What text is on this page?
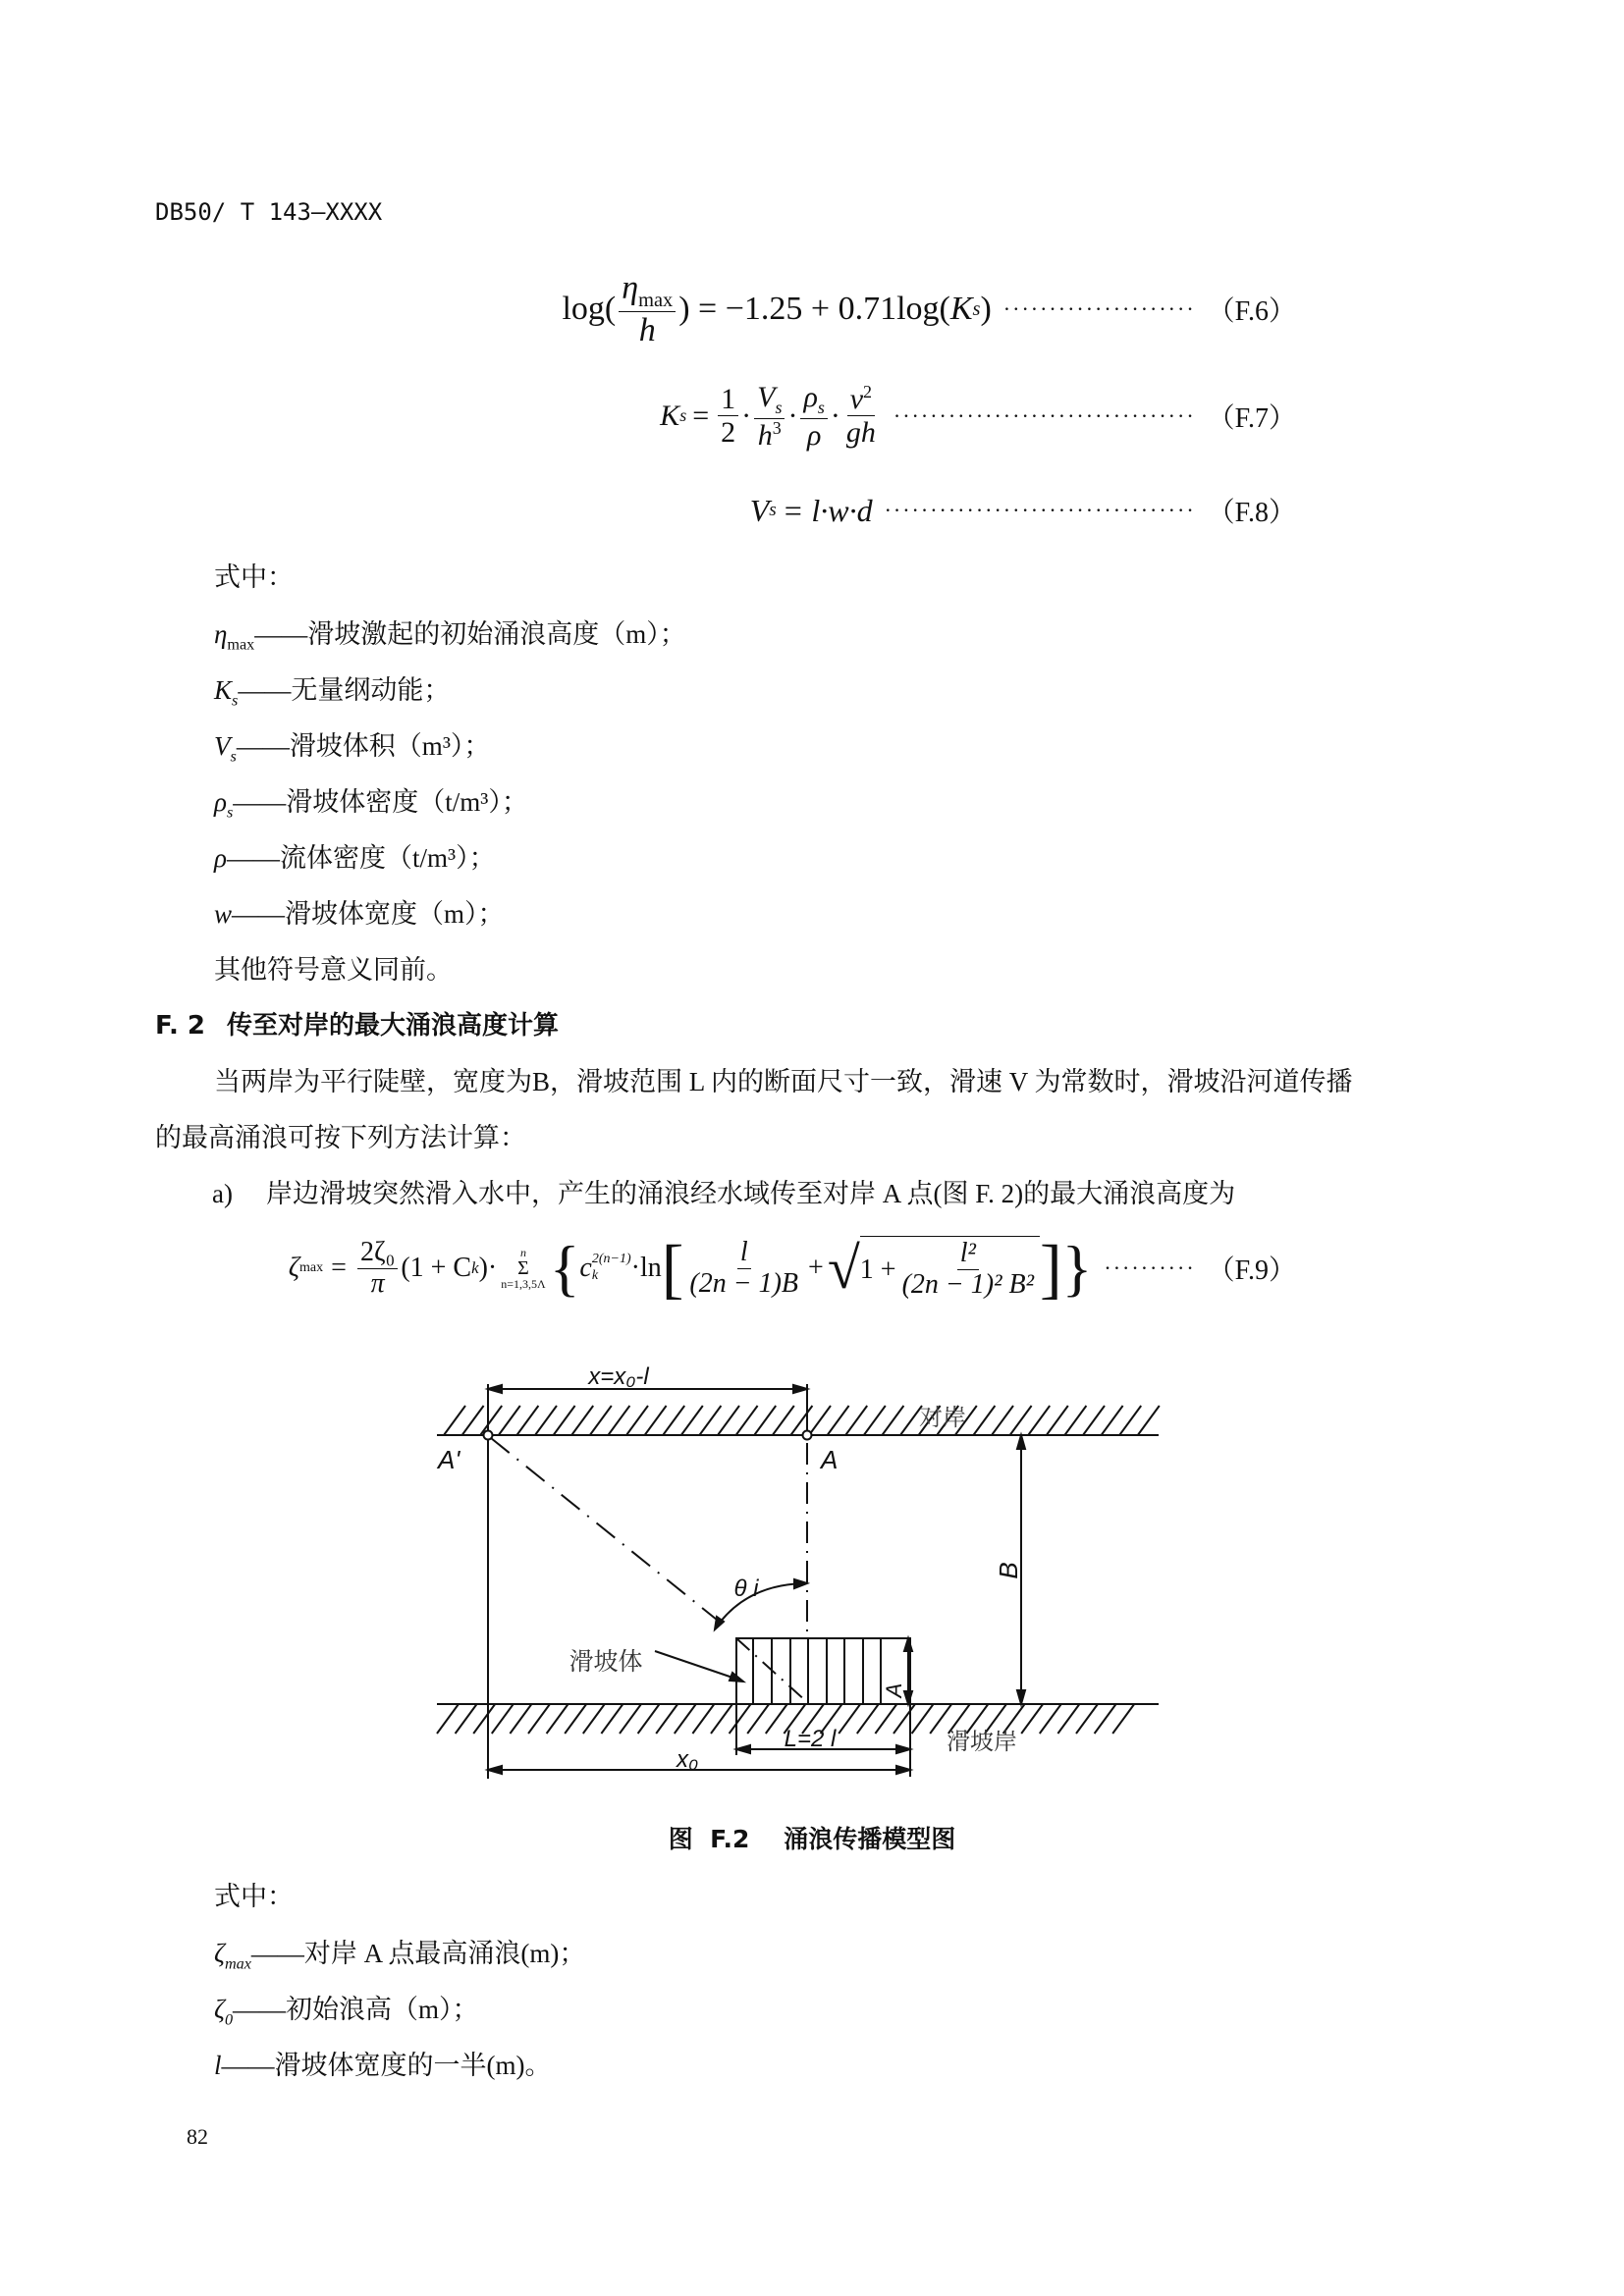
DB50/ T 143—XXXX
$\log( \frac{\eta_{max}}{h}$ ) = −1.25 + 0.71log( K s ) ····················· （F.6）
K $s = \frac{1}{2} \cdot \frac{V_s}{h^3} \cdot \frac{\rho_s}{\rho} \cdot \frac{v^2}{gh}$ ································· （F.7）
V s = l·w·d ·································· （F.8）
式中：
$\eta_{max}——$滑坡激起的初始涌浪高度（m）；
$K_s——$无量纲动能；
$V_s——$滑坡体积（m³）；
$\rho_s——$滑坡体密度（t/m³）；
ρ——流体密度（t/m³）；
w——滑坡体宽度（m）；
其他符号意义同前。
F. 2 传至对岸的最大涌浪高度计算
当两岸为平行陡壁，宽度为B，滑坡范围 L 内的断面尺寸一致，滑速 V 为常数时，滑坡沿河道传播
的最高涌浪可按下列方法计算：
a) 岸边滑坡突然滑入水中，产生的涌浪经水域传至对岸 A 点(图 F. 2)的最大涌浪高度为
ζ $\max = \frac{\text{2ζ₀}}{\pi} (1 + C$ k )· n
Σ
n=1,3,5Λ { c 2(n−1)
k	·ln [ $\frac{l}{(2n - 1)B}$ + √ $1 + \frac{\text{l²}}{\text{(2n − 1)² B²}}$ ] } ·········· （F.9）
x=x₀-l
对岸
A'	A
θ i
B
滑坡体
A
L=2 l
x₀
滑坡岸
图  F.2    涌浪传播模型图
式中：
$\zeta_{max}——$对岸 A 点最高涌浪(m)；
$\zeta_0——$初始浪高（m）；
l——滑坡体宽度的一半(m)。
82
